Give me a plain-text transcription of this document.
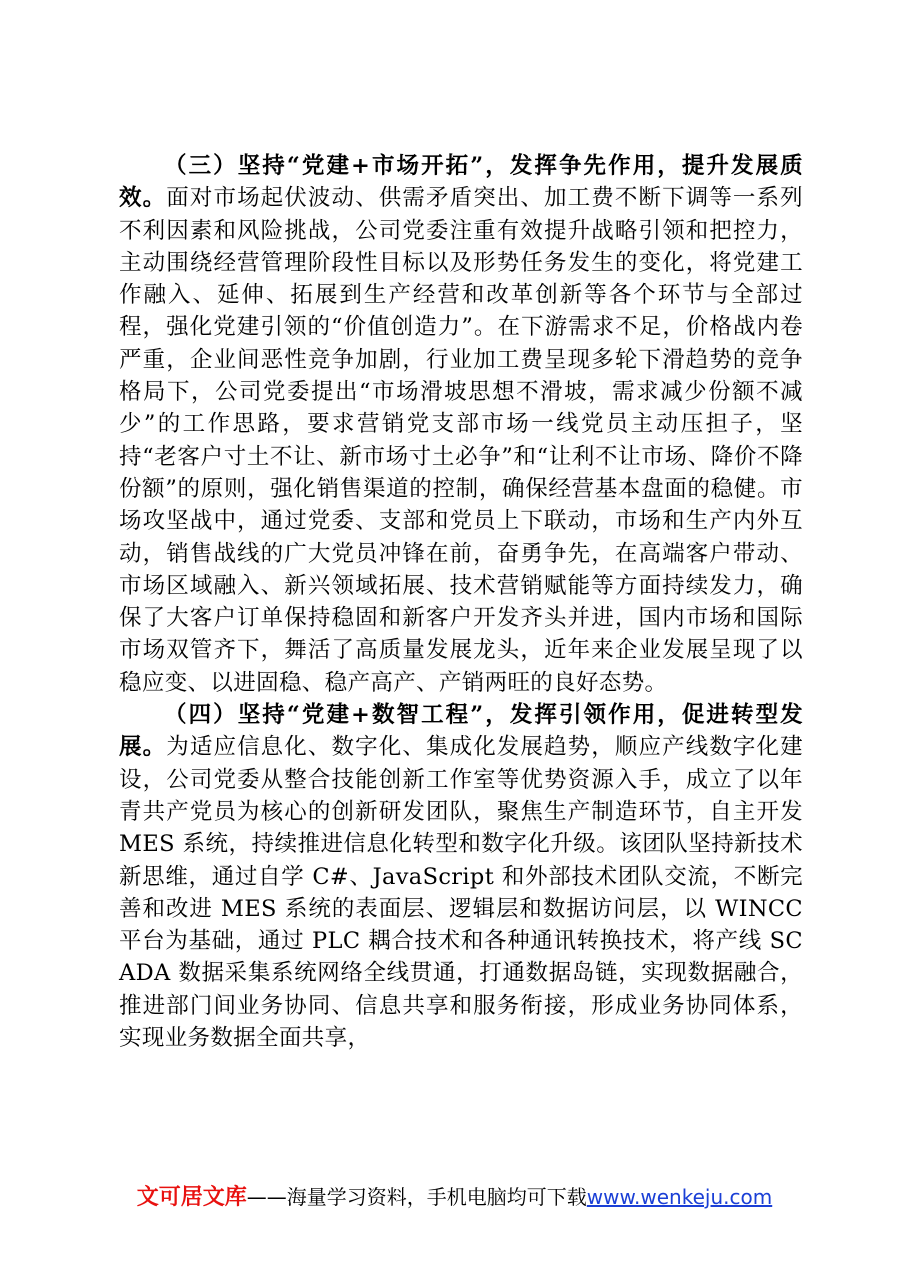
（三）坚持“党建+市场开拓”，发挥争先作用，提升发展质效。面对市场起伏波动、供需矛盾突出、加工费不断下调等一系列不利因素和风险挑战，公司党委注重有效提升战略引领和把控力，主动围绕经营管理阶段性目标以及形势任务发生的变化，将党建工作融入、延伸、拓展到生产经营和改革创新等各个环节与全部过程，强化党建引领的“价值创造力”。在下游需求不足，价格战内卷严重，企业间恶性竞争加剧，行业加工费呈现多轮下滑趋势的竞争格局下，公司党委提出“市场滑坡思想不滑坡，需求减少份额不减少”的工作思路，要求营销党支部市场一线党员主动压担子，坚持“老客户寸土不让、新市场寸土必争”和“让利不让市场、降价不降份额”的原则，强化销售渠道的控制，确保经营基本盘面的稳健。市场攻坚战中，通过党委、支部和党员上下联动，市场和生产内外互动，销售战线的广大党员冲锋在前，奋勇争先，在高端客户带动、市场区域融入、新兴领域拓展、技术营销赋能等方面持续发力，确保了大客户订单保持稳固和新客户开发齐头并进，国内市场和国际市场双管齐下，舞活了高质量发展龙头，近年来企业发展呈现了以稳应变、以进固稳、稳产高产、产销两旺的良好态势。

（四）坚持“党建+数智工程”，发挥引领作用，促进转型发展。为适应信息化、数字化、集成化发展趋势，顺应产线数字化建设，公司党委从整合技能创新工作室等优势资源入手，成立了以年青共产党员为核心的创新研发团队，聚焦生产制造环节，自主开发 MES 系统，持续推进信息化转型和数字化升级。该团队坚持新技术新思维，通过自学 C#、JavaScript 和外部技术团队交流，不断完善和改进 MES 系统的表面层、逻辑层和数据访问层，以 WINCC 平台为基础，通过 PLC 耦合技术和各种通讯转换技术，将产线 SCADA 数据采集系统网络全线贯通，打通数据岛链，实现数据融合，推进部门间业务协同、信息共享和服务衔接，形成业务协同体系，实现业务数据全面共享，

文可居文库——海量学习资料，手机电脑均可下载www.wenkeju.com
